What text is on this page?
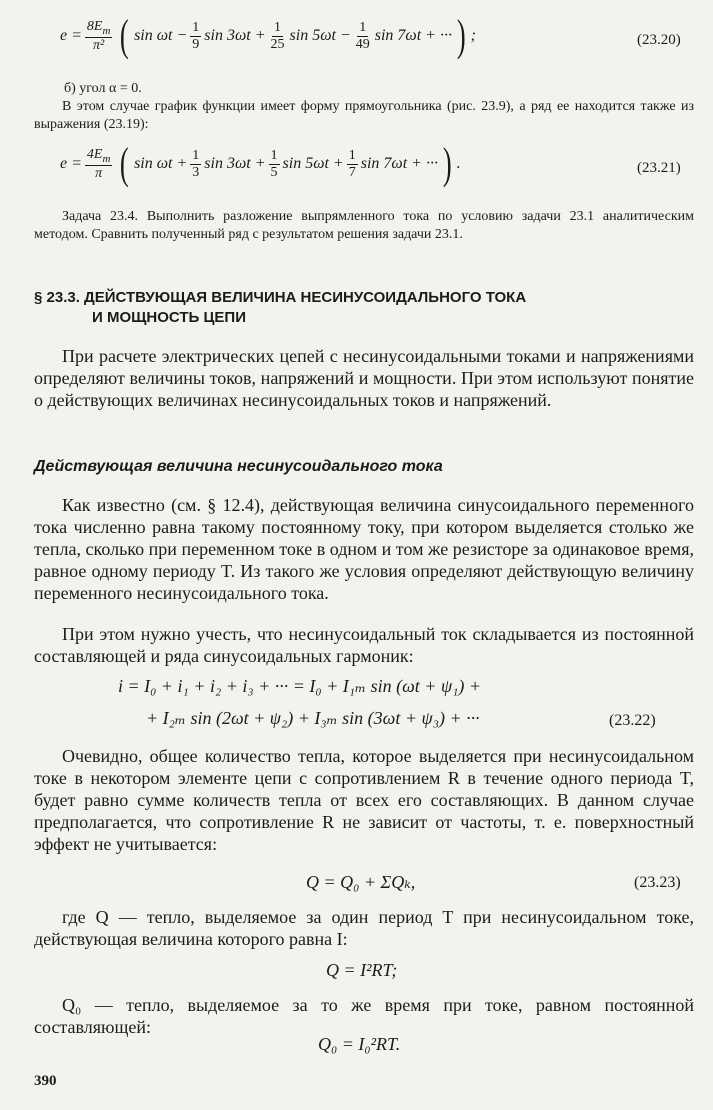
$e = \frac{8E_m}{\text{π²}}$ ( $\sin \omega t - \frac{1}{9}$ $\sin 3\omega t + \frac{1}{25}$ $\sin 5\omega t - \frac{1}{49}$ sin 7ωt + ··· ) ;	(23.20)
б) угол α = 0.
В этом случае график функции имеет форму прямоугольника (рис. 23.9), а ряд ее находится также из выражения (23.19):
$e = \frac{4E_m}{\pi}$ ( $\sin \omega t + \frac{1}{3}$ $\sin 3\omega t + \frac{1}{5}$ $\sin 5\omega t + \frac{1}{7}$ sin 7ωt + ··· ) .	(23.21)
Задача 23.4. Выполнить разложение выпрямленного тока по условию задачи 23.1 аналитическим методом. Сравнить полученный ряд с результатом решения задачи 23.1.
§ 23.3. ДЕЙСТВУЮЩАЯ ВЕЛИЧИНА НЕСИНУСОИДАЛЬНОГО ТОКА
И МОЩНОСТЬ ЦЕПИ
При расчете электрических цепей с несинусоидальными токами и напряжениями определяют величины токов, напряжений и мощности. При этом используют понятие о действующих величинах несинусоидальных токов и напряжений.
Действующая величина несинусоидального тока
Как известно (см. § 12.4), действующая величина синусоидального переменного тока численно равна такому постоянному току, при котором выделяется столько же тепла, сколько при переменном токе в одном и том же резисторе за одинаковое время, равное одному периоду T. Из такого же условия определяют действующую величину переменного несинусоидального тока.
При этом нужно учесть, что несинусоидальный ток складывается из постоянной составляющей и ряда синусоидальных гармоник:
i = I₀ + i₁ + i₂ + i₃ + ··· = I₀ + I₁ₘ sin (ωt + ψ₁) +
+ I₂ₘ sin (2ωt + ψ₂) + I₃ₘ sin (3ωt + ψ₃) + ···	(23.22)
Очевидно, общее количество тепла, которое выделяется при несинусоидальном токе в некотором элементе цепи с сопротивлением R в течение одного периода T, будет равно сумме количеств тепла от всех его составляющих. В данном случае предполагается, что сопротивление R не зависит от частоты, т. е. поверхностный эффект не учитывается:
Q = Q₀ + ΣQₖ,	(23.23)
где Q — тепло, выделяемое за один период T при несинусоидальном токе, действующая величина которого равна I:
Q = I²RT;
Q₀ — тепло, выделяемое за то же время при токе, равном постоянной составляющей:
Q₀ = I₀²RT.
390
